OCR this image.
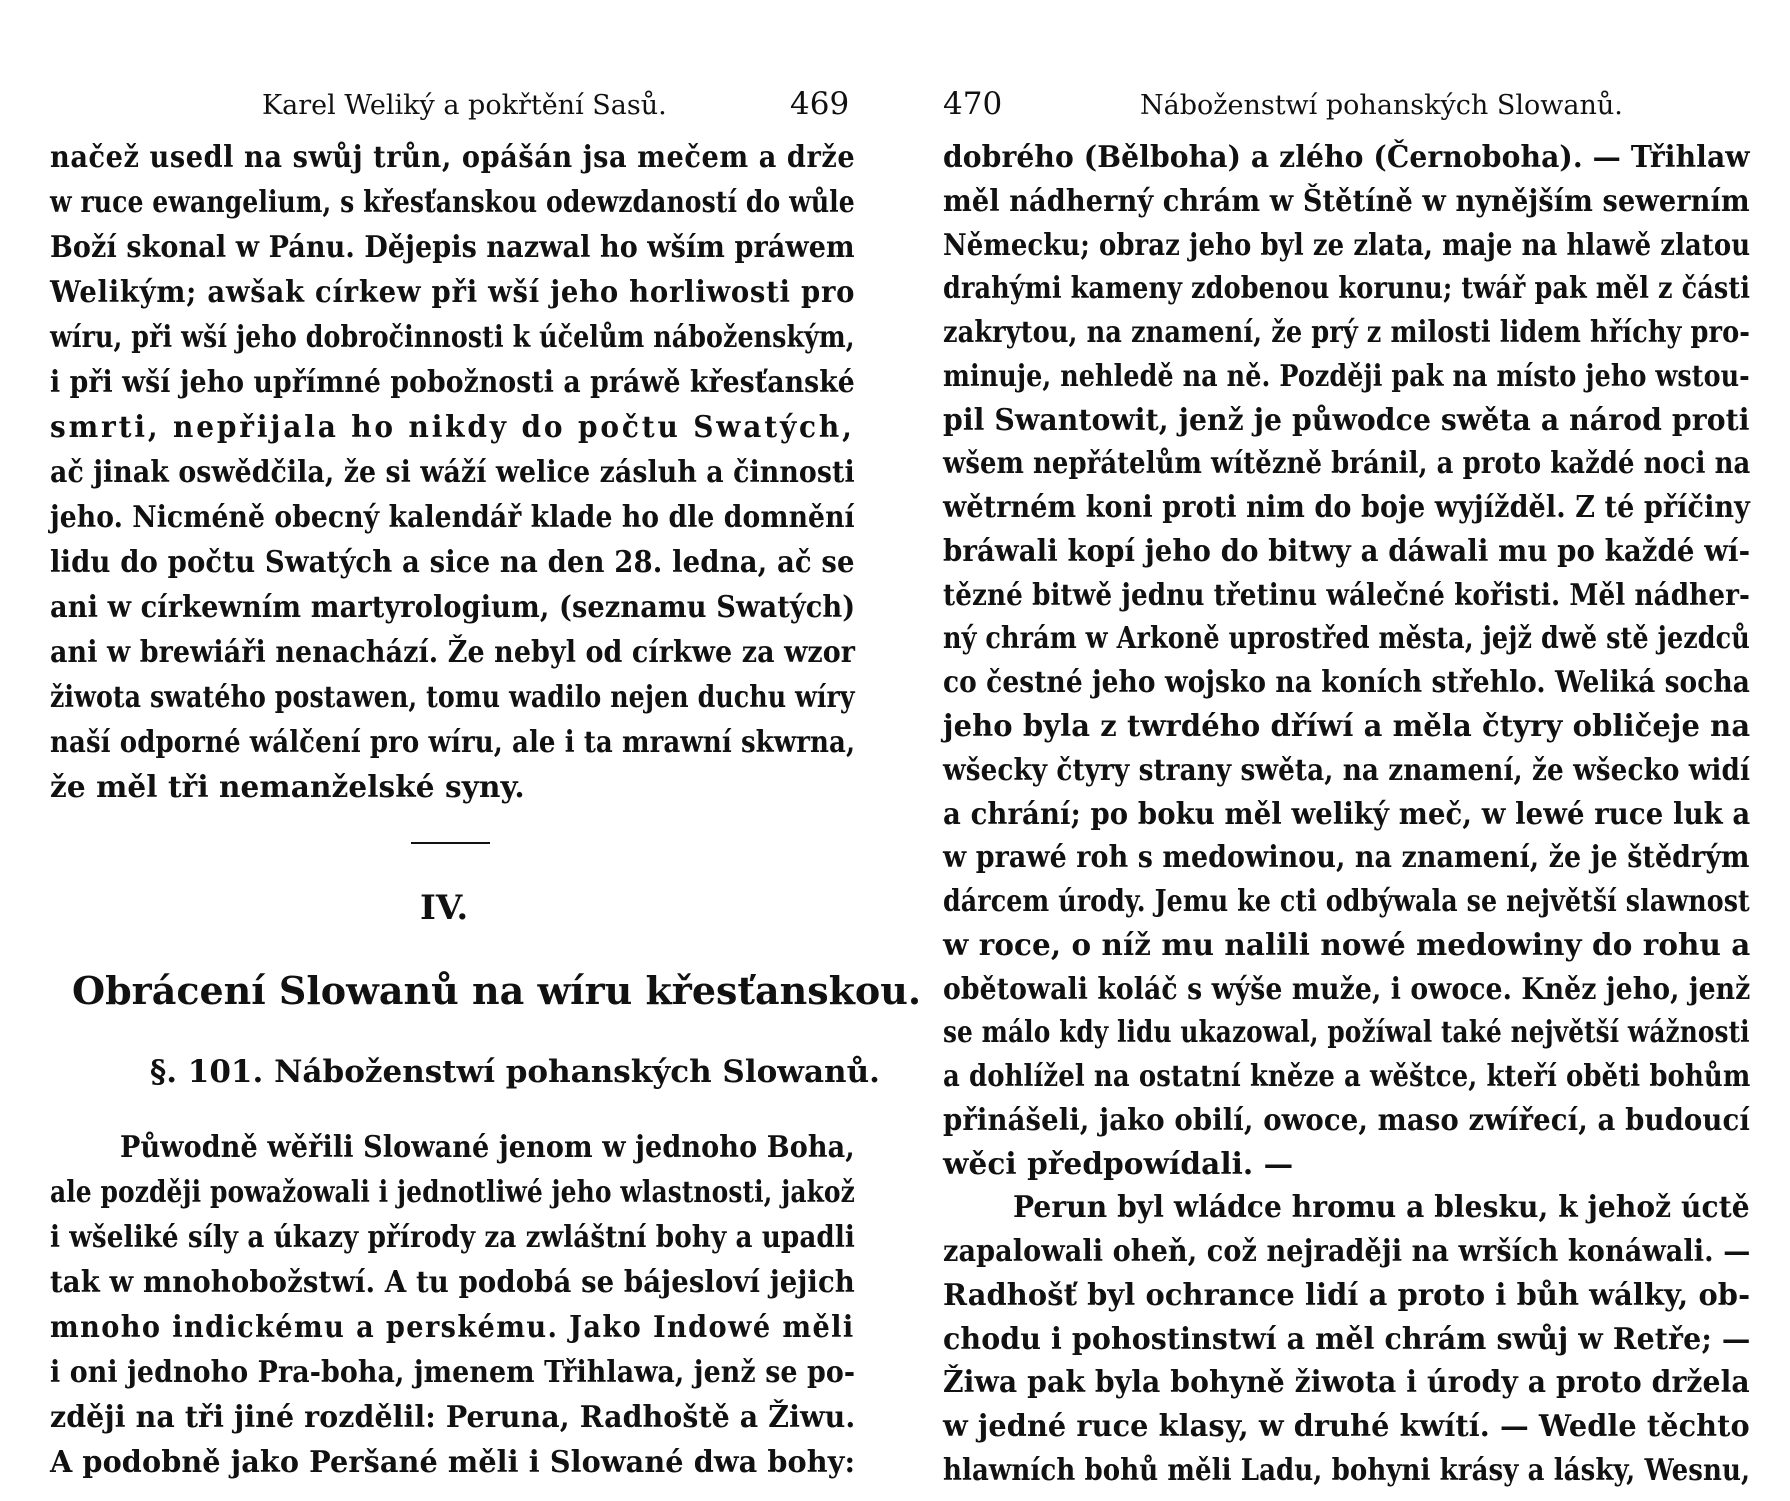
Karel Weliký a pokřtění Sasů.	469
načež usedl na swůj trůn, opášán jsa mečem a drže
w ruce ewangelium, s křesťanskou odewzdaností do wůle
Boží skonal w Pánu. Dějepis nazwal ho wším práwem
Welikým; awšak církew při wší jeho horliwosti pro
wíru, při wší jeho dobročinnosti k účelům náboženským,
i při wší jeho upřímné pobožnosti a práwě křesťanské
smrti, nepřijala ho nikdy do počtu Swatých,
ač jinak oswědčila, že si wáží welice zásluh a činnosti
jeho. Nicméně obecný kalendář klade ho dle domnění
lidu do počtu Swatých a sice na den 28. ledna, ač se
ani w církewním martyrologium, (seznamu Swatých)
ani w brewiáři nenachází. Že nebyl od církwe za wzor
žiwota swatého postawen, tomu wadilo nejen duchu wíry
naší odporné wálčení pro wíru, ale i ta mrawní skwrna,
že měl tři nemanželské syny.
IV.
Obrácení Slowanů na wíru křesťanskou.
§. 101. Náboženstwí pohanských Slowanů.
Půwodně wěřili Slowané jenom w jednoho Boha,
ale později powažowali i jednotliwé jeho wlastnosti, jakož
i wšeliké síly a úkazy přírody za zwláštní bohy a upadli
tak w mnohobožstwí. A tu podobá se bájesloví jejich
mnoho indickému a perskému. Jako Indowé měli
i oni jednoho Pra-boha, jmenem Třihlawa, jenž se po-
zději na tři jiné rozdělil: Peruna, Radhoště a Žiwu.
A podobně jako Peršané měli i Slowané dwa bohy:
470	Náboženstwí pohanských Slowanů.
dobrého (Bělboha) a zlého (Černoboha). — Třihlaw
měl nádherný chrám w Štětíně w nynějším sewerním
Německu; obraz jeho byl ze zlata, maje na hlawě zlatou
drahými kameny zdobenou korunu; twář pak měl z části
zakrytou, na znamení, že prý z milosti lidem hříchy pro-
minuje, nehledě na ně. Později pak na místo jeho wstou-
pil Swantowit, jenž je půwodce swěta a národ proti
wšem nepřátelům wítězně bránil, a proto každé noci na
wětrném koni proti nim do boje wyjížděl. Z té příčiny
bráwali kopí jeho do bitwy a dáwali mu po každé wí-
tězné bitwě jednu třetinu wálečné kořisti. Měl nádher-
ný chrám w Arkoně uprostřed města, jejž dwě stě jezdců
co čestné jeho wojsko na koních střehlo. Weliká socha
jeho byla z twrdého dříwí a měla čtyry obličeje na
wšecky čtyry strany swěta, na znamení, že wšecko widí
a chrání; po boku měl weliký meč, w lewé ruce luk a
w prawé roh s medowinou, na znamení, že je štědrým
dárcem úrody. Jemu ke cti odbýwala se největší slawnost
w roce, o níž mu nalili nowé medowiny do rohu a
obětowali koláč s wýše muže, i owoce. Kněz jeho, jenž
se málo kdy lidu ukazowal, požíwal také největší wážnosti
a dohlížel na ostatní kněze a wěštce, kteří oběti bohům
přinášeli, jako obilí, owoce, maso zwířecí, a budoucí
wěci předpowídali. —
Perun byl wládce hromu a blesku, k jehož úctě
zapalowali oheň, což nejraději na wrších konáwali. —
Radhošť byl ochrance lidí a proto i bůh wálky, ob-
chodu i pohostinstwí a měl chrám swůj w Retře; —
Žiwa pak byla bohyně žiwota i úrody a proto držela
w jedné ruce klasy, w druhé kwítí. — Wedle těchto
hlawních bohů měli Ladu, bohyni krásy a lásky, Wesnu,
